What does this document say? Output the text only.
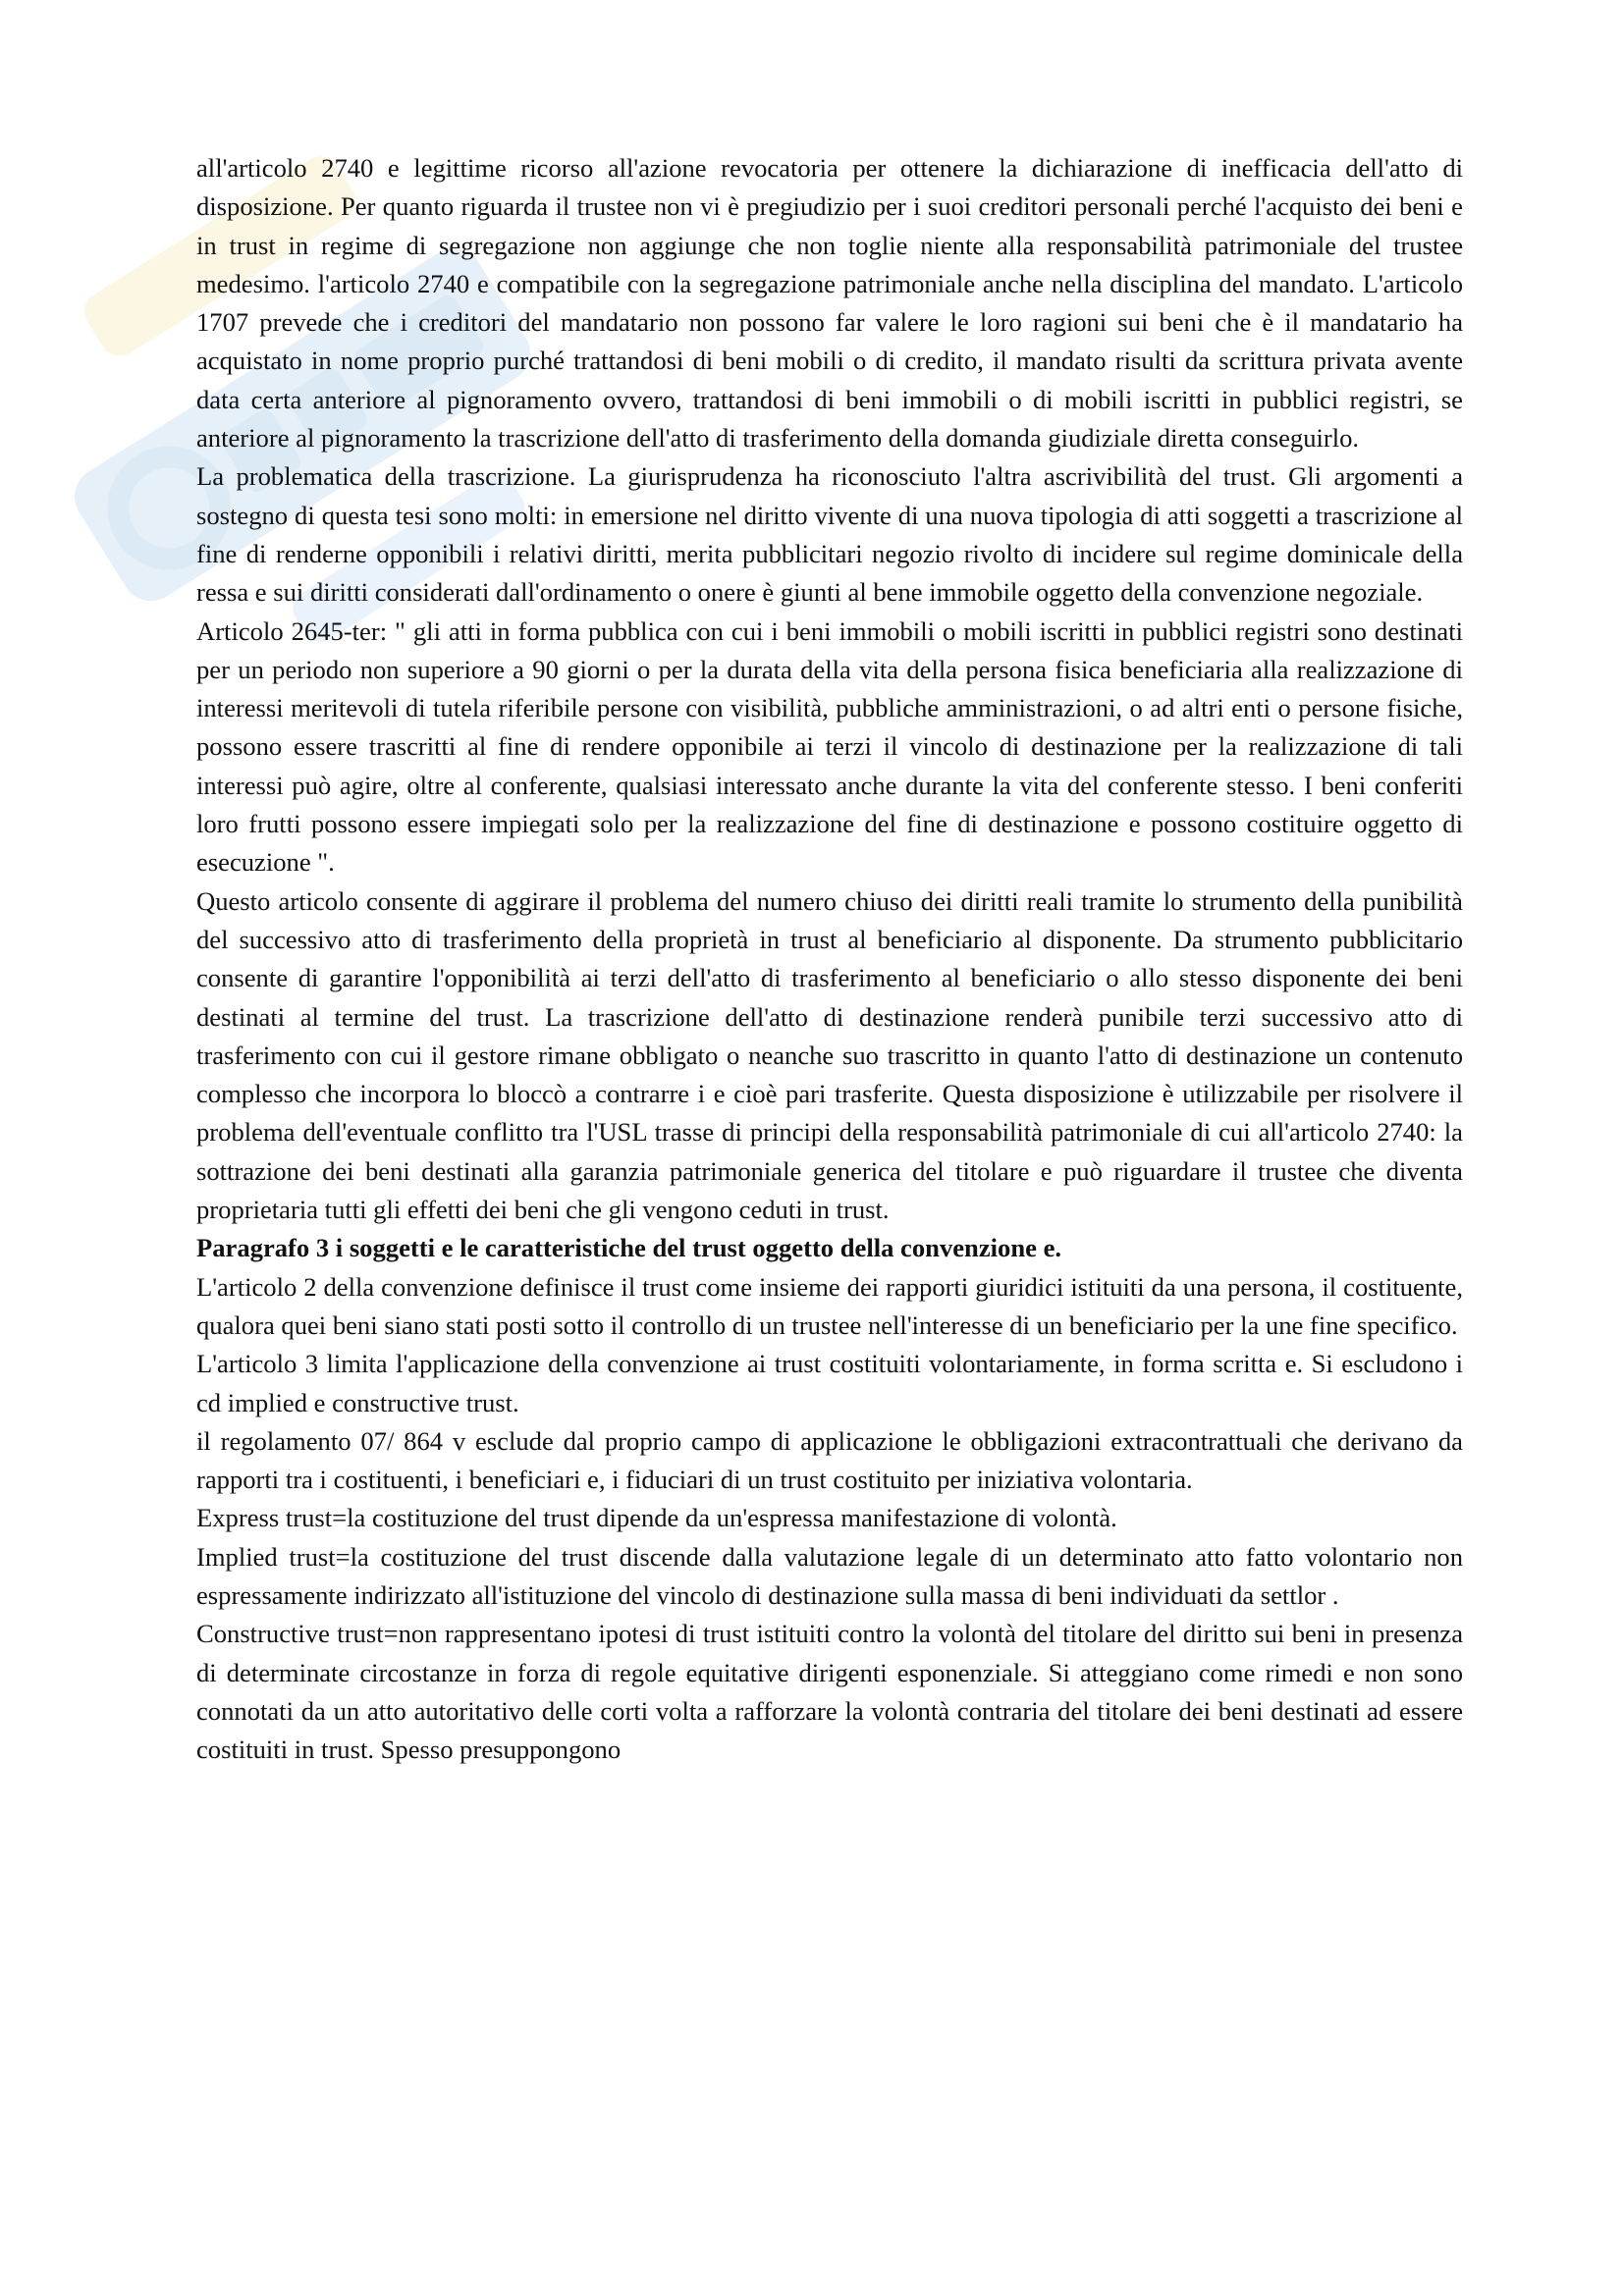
all'articolo 2740 e legittime ricorso all'azione revocatoria per ottenere la dichiarazione di inefficacia dell'atto di disposizione. Per quanto riguarda il trustee non vi è pregiudizio per i suoi creditori personali perché l'acquisto dei beni e in trust in regime di segregazione non aggiunge che non toglie niente alla responsabilità patrimoniale del trustee medesimo. l'articolo 2740 e compatibile con la segregazione patrimoniale anche nella disciplina del mandato. L'articolo 1707 prevede che i creditori del mandatario non possono far valere le loro ragioni sui beni che è il mandatario ha acquistato in nome proprio purché trattandosi di beni mobili o di credito, il mandato risulti da scrittura privata avente data certa anteriore al pignoramento ovvero, trattandosi di beni immobili o di mobili iscritti in pubblici registri, se anteriore al pignoramento la trascrizione dell'atto di trasferimento della domanda giudiziale diretta conseguirlo.

La problematica della trascrizione. La giurisprudenza ha riconosciuto l'altra ascrivibilità del trust. Gli argomenti a sostegno di questa tesi sono molti: in emersione nel diritto vivente di una nuova tipologia di atti soggetti a trascrizione al fine di renderne opponibili i relativi diritti, merita pubblicitari negozio rivolto di incidere sul regime dominicale della ressa e sui diritti considerati dall'ordinamento o onere è giunti al bene immobile oggetto della convenzione negoziale.

Articolo 2645-ter: " gli atti in forma pubblica con cui i beni immobili o mobili iscritti in pubblici registri sono destinati per un periodo non superiore a 90 giorni o per la durata della vita della persona fisica beneficiaria alla realizzazione di interessi meritevoli di tutela riferibile persone con visibilità, pubbliche amministrazioni, o ad altri enti o persone fisiche, possono essere trascritti al fine di rendere opponibile ai terzi il vincolo di destinazione per la realizzazione di tali interessi può agire, oltre al conferente, qualsiasi interessato anche durante la vita del conferente stesso. I beni conferiti loro frutti possono essere impiegati solo per la realizzazione del fine di destinazione e possono costituire oggetto di esecuzione ".

Questo articolo consente di aggirare il problema del numero chiuso dei diritti reali tramite lo strumento della punibilità del successivo atto di trasferimento della proprietà in trust al beneficiario al disponente. Da strumento pubblicitario consente di garantire l'opponibilità ai terzi dell'atto di trasferimento al beneficiario o allo stesso disponente dei beni destinati al termine del trust. La trascrizione dell'atto di destinazione renderà punibile terzi successivo atto di trasferimento con cui il gestore rimane obbligato o neanche suo trascritto in quanto l'atto di destinazione un contenuto complesso che incorpora lo bloccò a contrarre i e cioè pari trasferite. Questa disposizione è utilizzabile per risolvere il problema dell'eventuale conflitto tra l'USL trasse di principi della responsabilità patrimoniale di cui all'articolo 2740: la sottrazione dei beni destinati alla garanzia patrimoniale generica del titolare e può riguardare il trustee che diventa proprietaria tutti gli effetti dei beni che gli vengono ceduti in trust.

Paragrafo 3 i soggetti e le caratteristiche del trust oggetto della convenzione e.

L'articolo 2 della convenzione definisce il trust come insieme dei rapporti giuridici istituiti da una persona, il costituente, qualora quei beni siano stati posti sotto il controllo di un trustee nell'interesse di un beneficiario per la une fine specifico.

L'articolo 3 limita l'applicazione della convenzione ai trust costituiti volontariamente, in forma scritta e. Si escludono i cd implied e constructive trust.

il regolamento 07/ 864 v esclude dal proprio campo di applicazione le obbligazioni extracontrattuali che derivano da rapporti tra i costituenti, i beneficiari e, i fiduciari di un trust costituito per iniziativa volontaria.

Express trust=la costituzione del trust dipende da un'espressa manifestazione di volontà.

Implied trust=la costituzione del trust discende dalla valutazione legale di un determinato atto fatto volontario non espressamente indirizzato all'istituzione del vincolo di destinazione sulla massa di beni individuati da settlor .

Constructive trust=non rappresentano ipotesi di trust istituiti contro la volontà del titolare del diritto sui beni in presenza di determinate circostanze in forza di regole equitative dirigenti esponenziale. Si atteggiano come rimedi e non sono connotati da un atto autoritativo delle corti volta a rafforzare la volontà contraria del titolare dei beni destinati ad essere costituiti in trust. Spesso presuppongono
